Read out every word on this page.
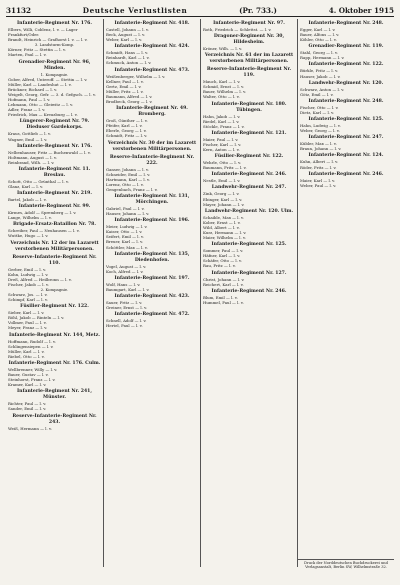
31132	Deutsche Verlustlisten	(Pr. 733.)	4. Oktober 1915
Infanterie-Regiment Nr. 176.
Elbers, Willi, Coblenz, l. v. — Lager Frankfurt/Oder.
Brandt, Heinrich — Grafhorst l. v. — l. v.
3. Landsturm-Komp.
Körner, Fritz — Stettin — l. v.
Marten, Paul — l. v.
Grenadier-Regiment Nr. 96, Minden.
1. Kompagnie.
Gober, Alfred, Unteroff. — Stettin — l. v.
Müller, Karl — Landeshut — l. v.
Brückner, Richard — l. v.
Weigelt, Georg, Gefr. — 3. d. Gefgsch. — l. v.
Hofmann, Paul — l. v.
Lehmann, Otto — Gleiwitz — l. v.
Adler, Franz — l. v.
Friedrich, Max — Kreuzburg — l. v.
Lüngerer-Regiment Nr. 79. Dieduser Gardekorps.
Kraus, Gottlieb — l. v.
Wagner, Emil — l. v.
Infanterie-Regiment Nr. 176.
Nelbenhauser, Fritz — Buchenwald — l. v.
Holtmann, August — l. v.
Reinbrand, Wilh. — l. v.
Infanterie-Regiment Nr. 11. Breslau.
Schott, Otto — Grünthal — l. v.
Glanz, Karl — l. v.
Infanterie-Regiment Nr. 219.
Bartel, Jakob — l. v.
Infanterie-Regiment Nr. 99.
Kirmes, Adolf — Spremberg — l. v.
Lange, Wilhelm — l. v.
Brigade-Ersatz-Bataillon Nr. 78.
Schreiber, Paul — Neuhausen — l. v.
Wuttke, Hugo — l. v.
Verzeichnis Nr. 12 der im Lazarett verstorbenen Militärpersonen.
Reserve-Infanterie-Regiment Nr. 110.
Gerber, Emil — l. v.
Kohn, Ludwig — l. v.
Dreß, Alfred — Heilbronn — l. v.
Fischer, Jakob — l. v.
2. Kompagnie.
Schwarz, Jos. — l. v.
Schimpf, Karl — l. v.
Füsilier-Regiment Nr. 122.
Sieber, Karl — l. v.
Röhl, Jakob — Rinteln — l. v.
Vollmer, Paul — l. v.
Meyer, Franz — l. v.
Infanterie-Regiment Nr. 144, Metz.
Hoffmann, Rudolf — l. v.
Schlingensiepen — l. v.
Müller, Karl — l. v.
Riebel, Otto — l. v.
Infanterie-Regiment Nr. 176. Culm.
Wellbrenner, Willy — l. v.
Bauer, Gustav — l. v.
Steinhorst, Franz — l. v.
Kramer, Karl — l. v.
Infanterie-Regiment Nr. 241, Münster.
Richter, Paul — l. v.
Sander, Emil — l. v.
Reserve-Infanterie-Regiment Nr. 243.
Weiß, Hermann — l. v.
Infanterie-Regiment Nr. 418.
Castell, Johann — l. v.
Beck, August — l. v.
Weber, Karl — l. v.
Infanterie-Regiment Nr. 424.
Schmidt, Hans — l. v.
Reinhardt, Karl — l. v.
Schmuck, Anton — l. v.
Infanterie-Regiment Nr. 473.
Weißenberger, Wilhelm — l. v.
Kellner, Paul — l. v.
Gertz, Emil — l. v.
Müller, Fritz — l. v.
Baumann, Alfred — l. v.
Brodbeck, Georg — l. v.
Infanterie-Regiment Nr. 49. Bromberg.
Groß, Günther — l. v.
Pfeifer, Karl — l. v.
Eberle, Georg — l. v.
Schmidt, Fritz — l. v.
Verzeichnis Nr. 30 der im Lazarett verstorbenen Militärpersonen.
Reserve-Infanterie-Regiment Nr. 222.
Ganser, Johann — l. v.
Schneider, Emil — l. v.
Hartmann, Karl — l. v.
Lorenz, Otto — l. v.
Gengenbach, Franz — l. v.
Infanterie-Regiment Nr. 131, Mörchingen.
Gabriel, Paul — l. v.
Hauser, Johann — l. v.
Infanterie-Regiment Nr. 196.
Meier, Ludwig — l. v.
Kaiser, Otto — l. v.
Seifert, Emil — l. v.
Breuer, Karl — l. v.
Schöttler, Max — l. v.
Infanterie-Regiment Nr. 135, Diedenhofen.
Vogel, August — l. v.
Koch, Alfred — l. v.
Infanterie-Regiment Nr. 197.
Wolf, Hans — l. v.
Baumgart, Karl — l. v.
Infanterie-Regiment Nr. 423.
Sauer, Fritz — l. v.
Greiner, Ernst — l. v.
Infanterie-Regiment Nr. 472.
Schnell, Adolf — l. v.
Hertel, Paul — l. v.
Infanterie-Regiment Nr. 97.
Roth, Friedrich — Schlettst. — l. v.
Dragoner-Regiment Nr. 30, Hildesheim.
Kröner, Wilh. — l. v.
Verzeichnis Nr. 61 der im Lazarett verstorbenen Militärpersonen.
Reserve-Infanterie-Regiment Nr. 119.
Mauch, Karl — l. v.
Schmid, Ernst — l. v.
Bauer, Wilhelm — l. v.
Walter, Otto — l. v.
Infanterie-Regiment Nr. 180. Tübingen.
Hahn, Jakob — l. v.
Riedel, Karl — l. v.
Stöckle, Franz — l. v.
Infanterie-Regiment Nr. 121.
Maier, Paul — l. v.
Fischer, Karl — l. v.
Kern, Anton — l. v.
Füsilier-Regiment Nr. 122.
Wehrle, Otto — l. v.
Baumann, Fritz — l. v.
Infanterie-Regiment Nr. 246.
Nestle, Emil — l. v.
Landwehr-Regiment Nr. 247.
Zink, Georg — l. v.
Ebinger, Karl — l. v.
Mayer, Johann — l. v.
Landwehr-Regiment Nr. 120. Ulm.
Schaible, Max — l. v.
Kober, Ernst — l. v.
Wild, Albert — l. v.
Kurz, Hermann — l. v.
Maier, Wilhelm — l. v.
Infanterie-Regiment Nr. 125.
Sommer, Paul — l. v.
Häfner, Karl — l. v.
Schäfer, Otto — l. v.
Rau, Fritz — l. v.
Infanterie-Regiment Nr. 127.
Christ, Johann — l. v.
Reichert, Karl — l. v.
Infanterie-Regiment Nr. 246.
Blum, Emil — l. v.
Hummel, Paul — l. v.
Infanterie-Regiment Nr. 248.
Egger, Karl — l. v.
Bauer, Alfons — l. v.
Köhler, Otto — l. v.
Grenadier-Regiment Nr. 119.
Stahl, Georg — l. v.
Rapp, Hermann — l. v.
Infanterie-Regiment Nr. 122.
Bürkle, Fritz — l. v.
Hauser, Jakob — l. v.
Landwehr-Regiment Nr. 120.
Schwarz, Anton — l. v.
Götz, Emil — l. v.
Infanterie-Regiment Nr. 248.
Fischer, Otto — l. v.
Dietz, Karl — l. v.
Infanterie-Regiment Nr. 125.
Hahn, Ludwig — l. v.
Weber, Georg — l. v.
Infanterie-Regiment Nr. 247.
Kübler, Max — l. v.
Braun, Johann — l. v.
Infanterie-Regiment Nr. 124.
Kuhn, Albert — l. v.
Röder, Fritz — l. v.
Infanterie-Regiment Nr. 246.
Maier, Karl — l. v.
Weber, Paul — l. v.
Druck der Norddeutschen Buchdruckerei und Verlagsanstalt, Berlin SW, Wilhelmstraße 32.
